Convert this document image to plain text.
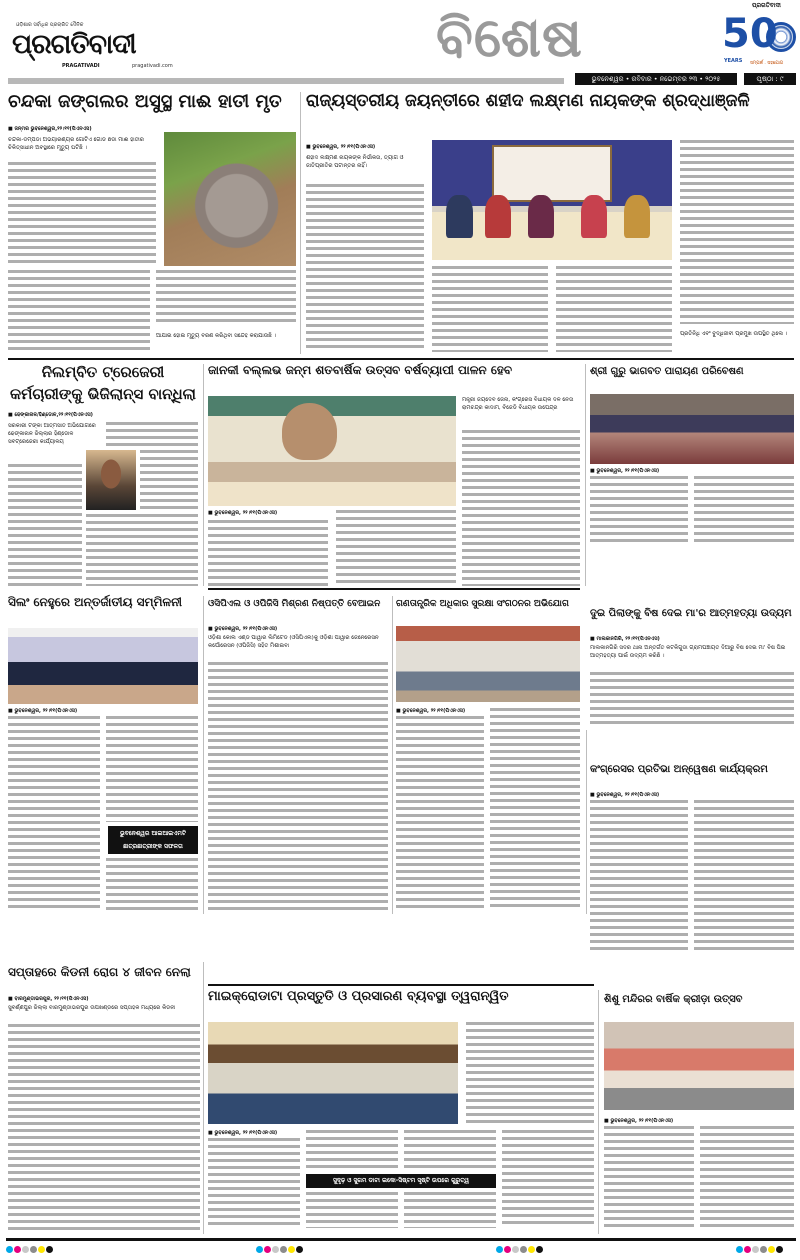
ଓଡ଼ିଶାର ସର୍ବାଧିକ ପ୍ରଚାରିତ ଦୈନିକ
ପ୍ରଗତିବାଦୀ
PRAGATIVADI	pragativadi.com	ବିଶେଷ
ଭୁବନେଶ୍ୱର • ରବିବାର • ନଭେମ୍ବର ୨୩ • ୨୦୨୫	ପୃଷ୍ଠା : ୯
ପ୍ରଗତିବାଦୀ
50
YEARS ସମ୍ପର୍କ . ସହଯୋଗ
ଚନ୍ଦକା ଜଙ୍ଗଲର ଅସୁସ୍ଥ ମାଈ ହାତୀ ମୃତ
■ ଜନ୍ମର ଭୁବନେଶ୍ୱର,୨୨।୧୧(ପିଏନଏସ)
ଚନ୍ଦକା-ଡମ୍ପଡା ଅଭୟାରଣ୍ୟର ଗୋଟିଏ ଗୋଡ ଛଡା ମାଈ ହାତୀର ଚିକିତ୍ସାଧୀନ ଅବସ୍ଥାରେ ମୃତ୍ୟୁ ଘଟିଛି ।
ଆଯାଇ ହୋଇ ମୃତ୍ୟୁ ବରଣ କରିଥିବା ସନ୍ଦେହ କରାଯାଉଛି ।
ରାଜ୍ୟସ୍ତରୀୟ ଜୟନ୍ତୀରେ ଶହୀଦ ଲକ୍ଷ୍ମଣ ନାୟକଙ୍କ ଶ୍ରଦ୍ଧାଞ୍ଜଳି
■ ଭୁବନେଶ୍ୱର, ୨୨।୧୧(ପିଏନଏସ)
ଶହୀଦ ଲକ୍ଷ୍ମଣ ନାୟକଙ୍କ ନିର୍ଭୀକତା, ତ୍ୟାଗ ଓ ଜାତିପ୍ରୀତିର ପଟାନ୍ତର ନାହିଁ।
ପ୍ରତିନିଧି ଏବଂ ବୁଦ୍ଧିଜୀବୀ ପ୍ରମୁଖ ଉପସ୍ଥିତ ଥିଲେ ।
ନିଲମ୍ବିତ ଟ୍ରେଜେରୀ
କର୍ମଚାରୀଙ୍କୁ ଭିଜିଲାନ୍ସ ବାନ୍ଧିଲା
■ ଢେଙ୍କାନାଳ/ହିଣ୍ଡୋଳ,୨୨।୧୧(ପିଏନଏସ)
ସରକାରୀ ଟଙ୍କା ଆତ୍ମସାତ ଅଭିଯୋଗରେ ଢେଙ୍କାନାଳ ଜିଲ୍ଲାର ହିଣ୍ଡୋଳ ସବଟ୍ରେଜେରୀ କାର୍ଯ୍ୟାଳୟ
ଜାନକୀ ବଲ୍ଲଭ ଜନ୍ମ ଶତବାର୍ଷିକ ଉତ୍ସବ ବର୍ଷବ୍ୟାପୀ ପାଳନ ହେବ
ମନ୍ତ୍ରୀ ଜୟଦେବ ଜେନା, କଂଗ୍ରେସ ବିଧାୟକ ଦଳ ନେତା ରାମଚନ୍ଦ୍ର କାଦାମ, ବିଜେଡି ବିଧାୟକ ଉପେନ୍ଦ୍ର
■ ଭୁବନେଶ୍ୱର, ୨୨।୧୧(ପିଏନଏସ)
ଶ୍ରୀ ଗୁରୁ ଭାଗବତ ପାରାୟଣ ପରିବେଷଣ
■ ଭୁବନେଶ୍ୱର, ୨୨।୧୧(ପିଏନଏସ)
ଦୁଇ ପିଲାଙ୍କୁ ବିଷ ଦେଇ ମା'ର ଆତ୍ମହତ୍ୟା ଉଦ୍ୟମ
■ ମାଲକାନଗିରି, ୨୨।୧୧(ପିଏନଏସ)
ମାଲକାନଗିରି ସଦର ଥାନା ଅନ୍ତର୍ଗତ କଟକିଗୁଡା ଗ୍ରାମପଞ୍ଚାୟତ ଦିଆରୁ ବିଷ ଦେଇ ମା' ବିଷ ପିଇ ଆତ୍ମହତ୍ୟା ପାଇଁ ଉଦ୍ୟମ କରିଛି ।
ସିଲଂ ନେହୁରେ ଅନ୍ତର୍ଜାତୀୟ ସମ୍ମିଳନୀ
■ ଭୁବନେଶ୍ୱର, ୨୨।୧୧(ପିଏନଏସ)
ଭୁବନେଶ୍ୱର ଆଇଆଇଏମଟି
ଛାତ୍ରଛାତ୍ରୀଙ୍କ ସଫଳତା
ଓସିପିଏଲ ଓ ଓପିଜିସି ମିଶ୍ରଣ ନିଷ୍ପତ୍ତି ବେଆଇନ
■ ଭୁବନେଶ୍ୱର, ୨୨।୧୧(ପିଏନଏସ)
ଓଡ଼ିଶା କୋଲ ଏଣ୍ଡ ପାୱାର ଲିମିଟେଡ (ଓସିପିଏଲ)କୁ ଓଡ଼ିଶା ପାୱାର ଜେନେରେସନ କର୍ପୋରେସନ (ଓପିଜିସି) ସହିତ ମିଶାଇବା
ଗଣତାନ୍ତ୍ରିକ ଅଧିକାର ସୁରକ୍ଷା ସଂଗଠନର ଅଭିଯୋଗ
■ ଭୁବନେଶ୍ୱର, ୨୨।୧୧(ପିଏନଏସ)
କଂଗ୍ରେସର ପ୍ରତିଭା ଅନ୍ୱେଷଣ କାର୍ଯ୍ୟକ୍ରମ
■ ଭୁବନେଶ୍ୱର, ୨୨।୧୧(ପିଏନଏସ)
ସପ୍ତାହରେ କିଡନୀ ରୋଗ ୪ ଜୀବନ ନେଲା
■ ବାରମୁଣ୍ଡାଭରପୁର, ୨୨।୧୧(ପିଏନଏସ)
ସୁବର୍ଣ୍ଣପୁର ଜିଲ୍ଲା ବାରମୁଣ୍ଡାଭରପୁର ଉପଖଣ୍ଡରେ ସପ୍ତାହକ ମଧ୍ୟରେ କିଡନୀ
ମାଇକ୍ରୋଡାଟା ପ୍ରସ୍ତୁତି ଓ ପ୍ରସାରଣ ବ୍ୟବସ୍ଥା ତ୍ୱରାନ୍ୱିତ
■ ଭୁବନେଶ୍ୱର, ୨୨।୧୧(ପିଏନଏସ)
ସୁଦୃଢ଼ ଓ ସୁଗମ ଡାଟା ଇକୋ-ସିଷ୍ଟମ ସୃଷ୍ଟି ଉପରେ ଗୁରୁତ୍ୱ
ଶିଶୁ ମନ୍ଦିରର ବାର୍ଷିକ କ୍ରୀଡ଼ା ଉତ୍ସବ
■ ଭୁବନେଶ୍ୱର, ୨୨।୧୧(ପିଏନଏସ)
